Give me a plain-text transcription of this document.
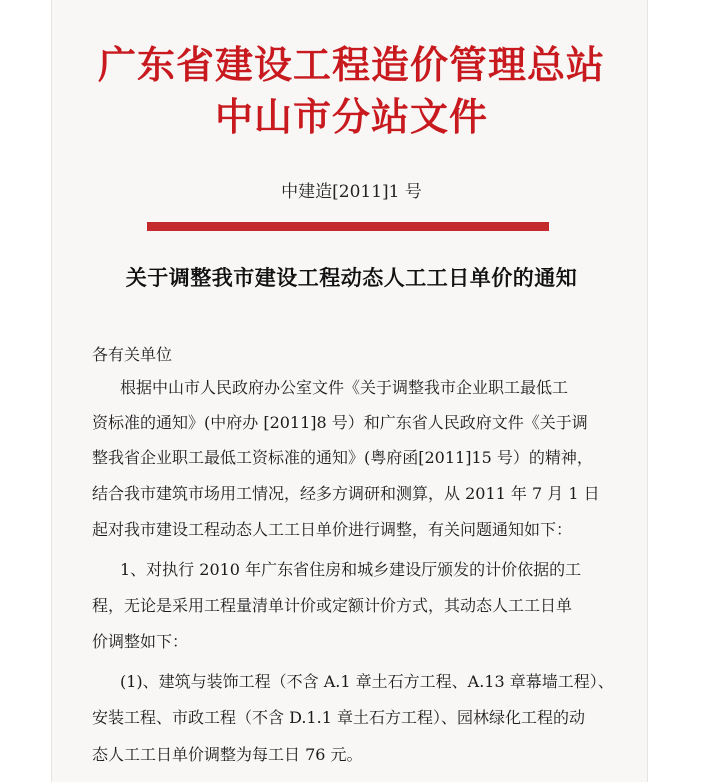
广东省建设工程造价管理总站
中山市分站文件
中建造[2011]1 号
关于调整我市建设工程动态人工工日单价的通知
各有关单位
根据中山市人民政府办公室文件《关于调整我市企业职工最低工
资标准的通知》(中府办 [2011]8 号）和广东省人民政府文件《关于调
整我省企业职工最低工资标准的通知》(粤府函[2011]15 号）的精神，
结合我市建筑市场用工情况，经多方调研和测算，从 2011 年 7 月 1 日
起对我市建设工程动态人工工日单价进行调整，有关问题通知如下：
1、对执行 2010 年广东省住房和城乡建设厅颁发的计价依据的工
程，无论是采用工程量清单计价或定额计价方式，其动态人工工日单
价调整如下：
(1)、建筑与装饰工程（不含 A.1 章土石方工程、A.13 章幕墙工程）、
安装工程、市政工程（不含 D.1.1 章土石方工程）、园林绿化工程的动
态人工工日单价调整为每工日 76 元。
